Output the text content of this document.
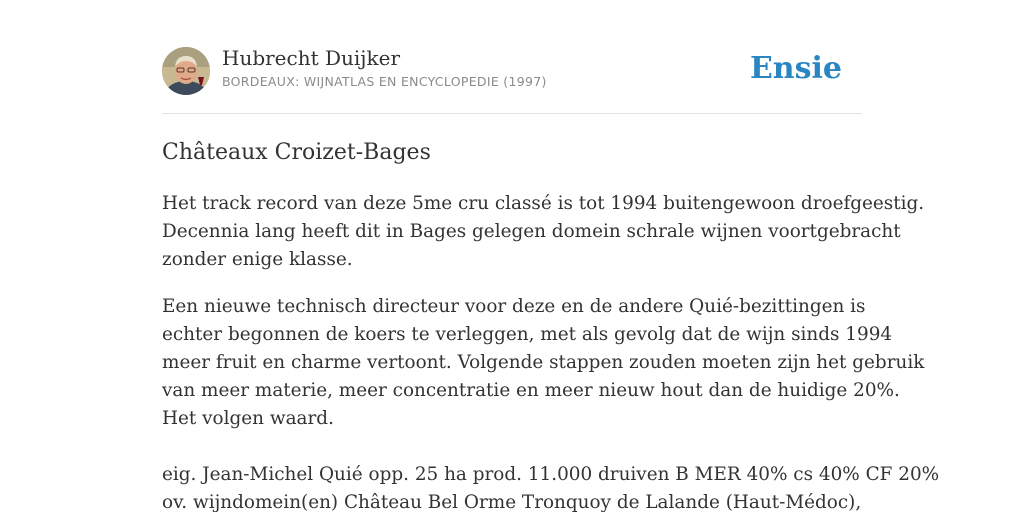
Hubrecht Duijker
BORDEAUX: WIJNATLAS EN ENCYCLOPEDIE (1997)	Ensie
Châteaux Croizet-Bages

Het track record van deze 5me cru classé is tot 1994 buitengewoon droefgeestig.
Decennia lang heeft dit in Bages gelegen domein schrale wijnen voortgebracht
zonder enige klasse.

Een nieuwe technisch directeur voor deze en de andere Quié-bezittingen is
echter begonnen de koers te verleggen, met als gevolg dat de wijn sinds 1994
meer fruit en charme vertoont. Volgende stappen zouden moeten zijn het gebruik
van meer materie, meer concentratie en meer nieuw hout dan de huidige 20%.
Het volgen waard.
eig. Jean-Michel Quié opp. 25 ha prod. 11.000 druiven B MER 40% cs 40% CF 20%
ov. wijndomein(en) Château Bel Orme Tronquoy de Lalande (Haut-Médoc),
